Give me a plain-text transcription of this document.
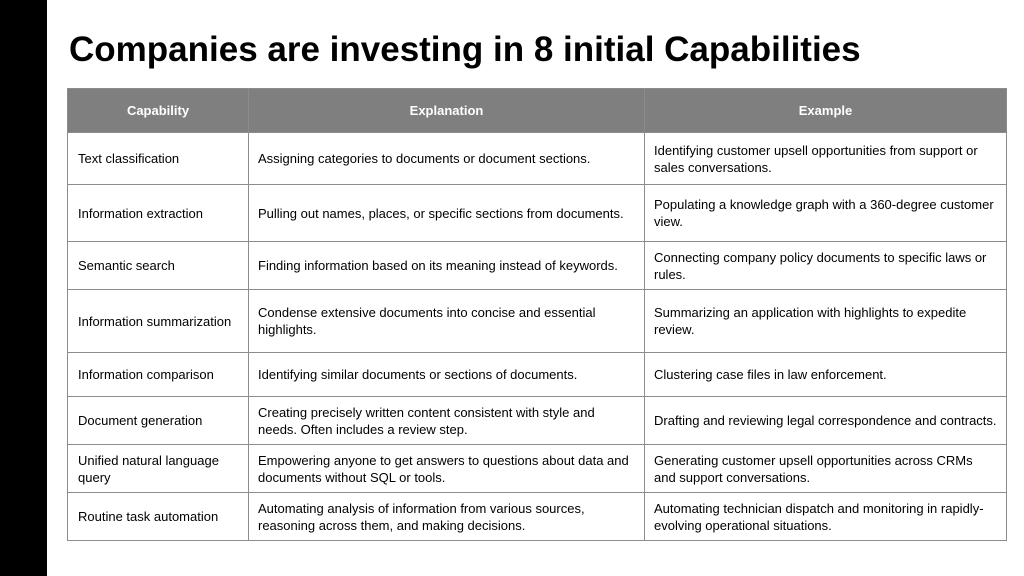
Companies are investing in 8 initial Capabilities
Capability	Explanation	Example
Text classification	Assigning categories to documents or document sections.	Identifying customer upsell opportunities from support or sales conversations.
Information extraction	Pulling out names, places, or specific sections from documents.	Populating a knowledge graph with a 360-degree customer view.
Semantic search	Finding information based on its meaning instead of keywords.	Connecting company policy documents to specific laws or rules.
Information summarization	Condense extensive documents into concise and essential highlights.	Summarizing an application with highlights to expedite review.
Information comparison	Identifying similar documents or sections of documents.	Clustering case files in law enforcement.
Document generation	Creating precisely written content consistent with style and needs. Often includes a review step.	Drafting and reviewing legal correspondence and contracts.
Unified natural language query	Empowering anyone to get answers to questions about data and documents without SQL or tools.	Generating customer upsell opportunities across CRMs and support conversations.
Routine task automation	Automating analysis of information from various sources, reasoning across them, and making decisions.	Automating technician dispatch and monitoring in rapidly-evolving operational situations.
